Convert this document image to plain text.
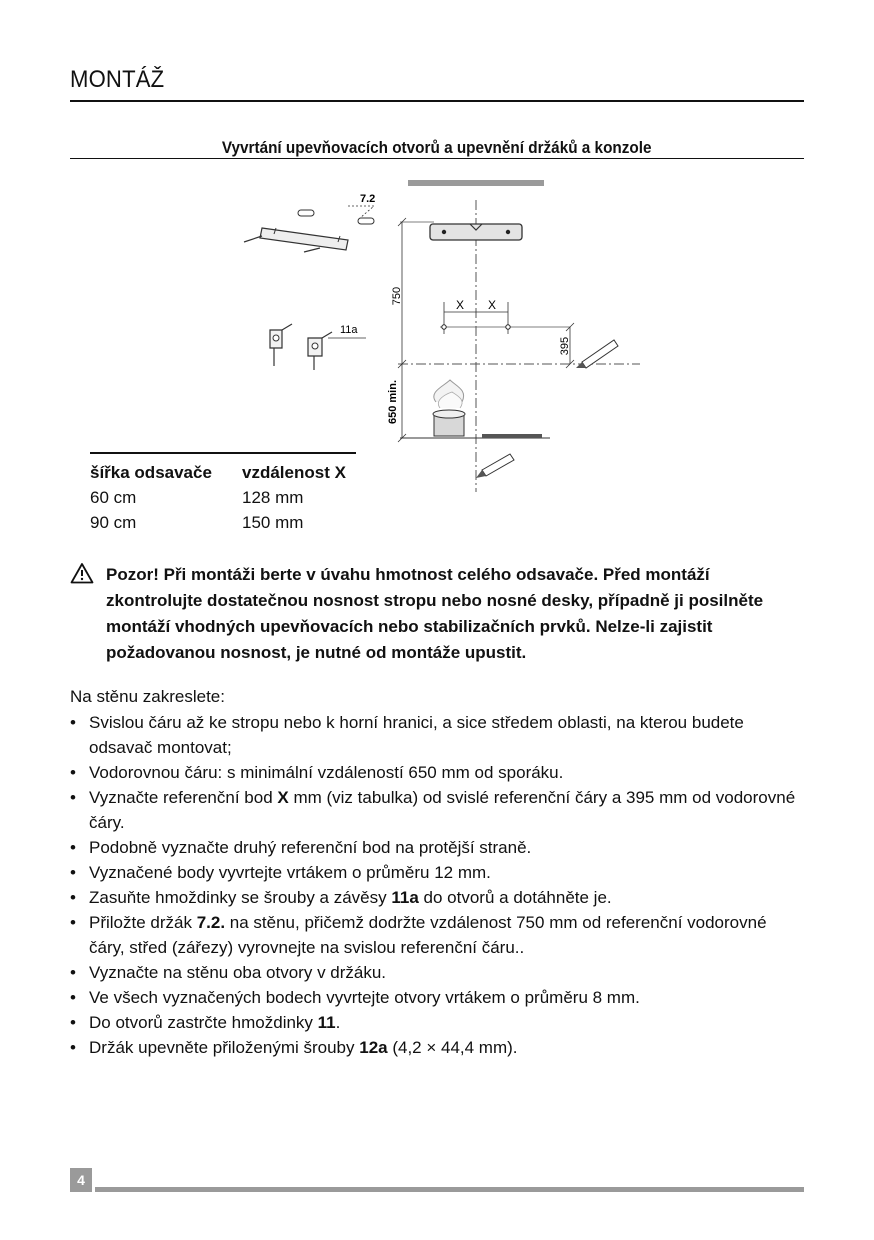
MONTÁŽ
Vyvrtání upevňovacích otvorů a upevnění držáků a konzole
750	X X
395
650 min.
7.2
11a
šířka odsavače	vzdálenost X
60 cm	128 mm
90 cm	150 mm
Pozor! Při montáži berte v úvahu hmotnost celého odsavače. Před montáží zkontrolujte dostatečnou nosnost stropu nebo nosné desky, případně ji posilněte montáží vhodných upevňovacích nebo stabilizačních prvků. Nelze-li zajistit požadovanou nosnost, je nutné od montáže upustit.
Na stěnu zakreslete:
• Svislou čáru až ke stropu nebo k horní hranici, a sice středem oblasti, na kterou budete odsavač montovat;
• Vodorovnou čáru: s minimální vzdáleností 650 mm od sporáku.
• Vyznačte referenční bod X mm (viz tabulka) od svislé referenční čáry a 395 mm od vodorovné čáry.
• Podobně vyznačte druhý referenční bod na protější straně.
• Vyznačené body vyvrtejte vrtákem o průměru 12 mm.
• Zasuňte hmoždinky se šrouby a závěsy 11a do otvorů a dotáhněte je.
• Přiložte držák 7.2. na stěnu, přičemž dodržte vzdálenost 750 mm od referenční vodorovné čáry, střed (zářezy) vyrovnejte na svislou referenční čáru..
• Vyznačte na stěnu oba otvory v držáku.
• Ve všech vyznačených bodech vyvrtejte otvory vrtákem o průměru 8 mm.
• Do otvorů zastrčte hmoždinky 11.
• Držák upevněte přiloženými šrouby 12a (4,2 × 44,4 mm).
4
